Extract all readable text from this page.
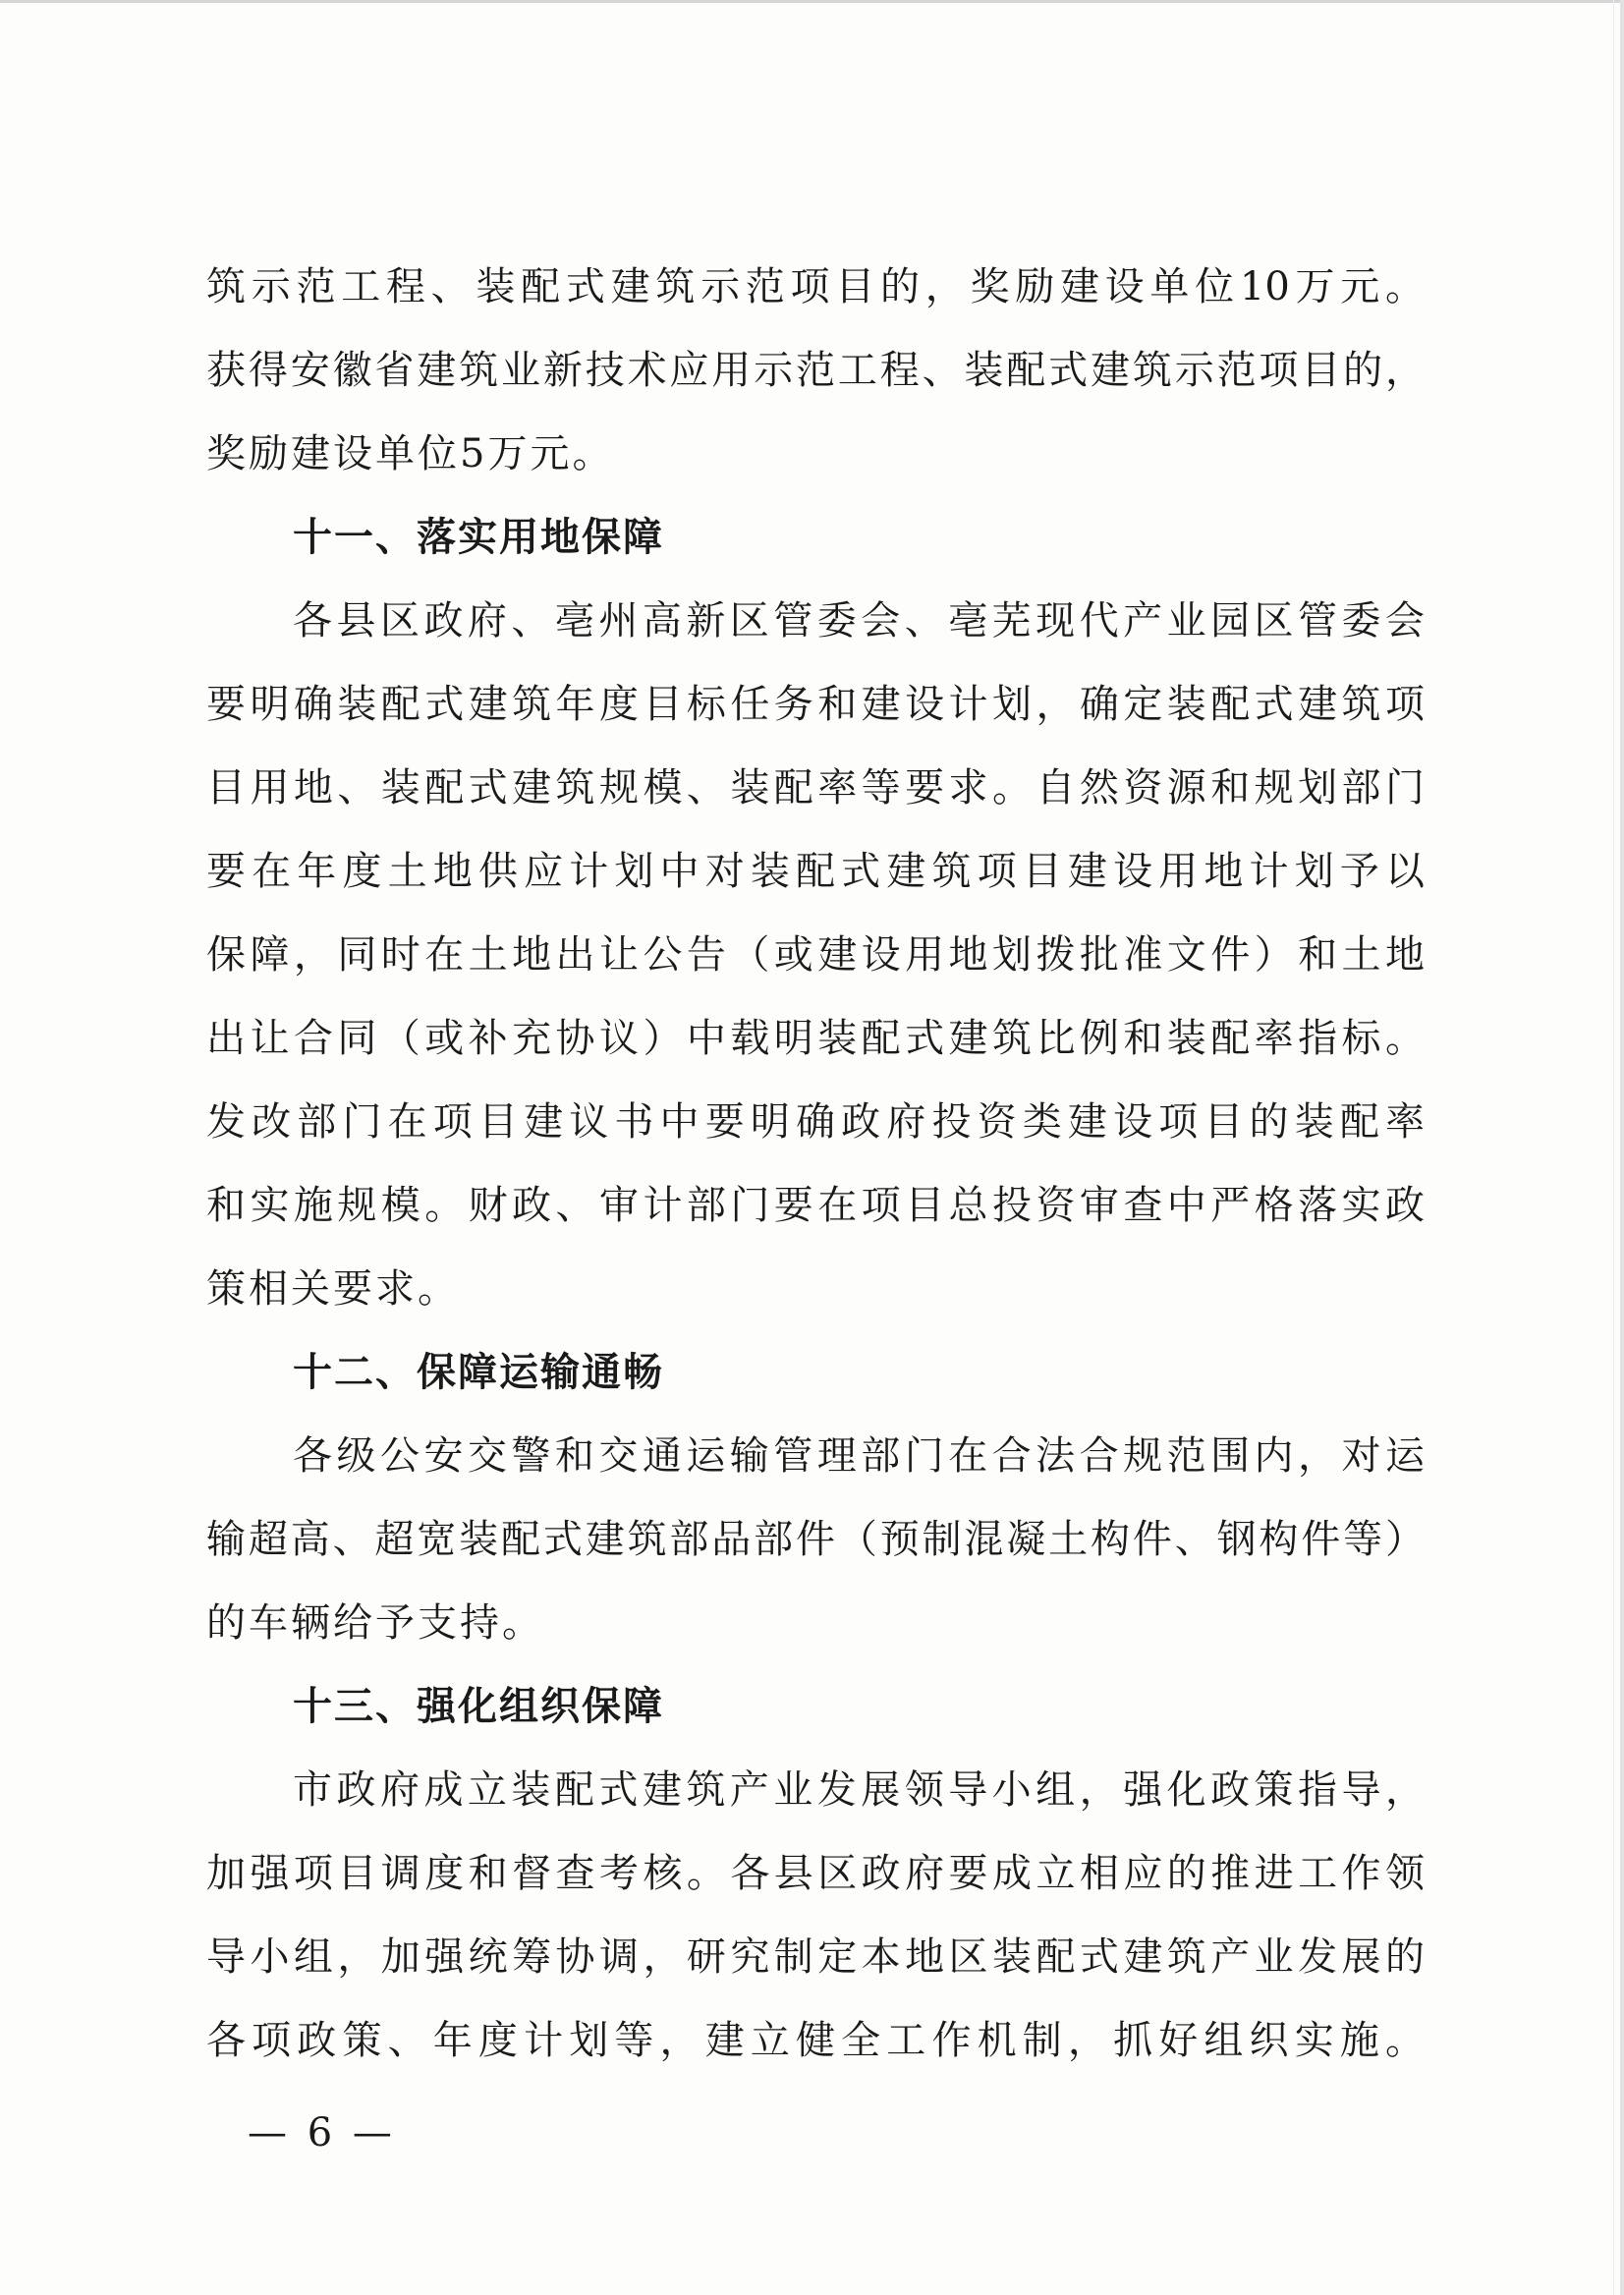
筑示范工程、装配式建筑示范项目的，奖励建设单位10万元。
获得安徽省建筑业新技术应用示范工程、装配式建筑示范项目的，
奖励建设单位5万元。
十一、落实用地保障
各县区政府、亳州高新区管委会、亳芜现代产业园区管委会
要明确装配式建筑年度目标任务和建设计划，确定装配式建筑项
目用地、装配式建筑规模、装配率等要求。自然资源和规划部门
要在年度土地供应计划中对装配式建筑项目建设用地计划予以
保障，同时在土地出让公告（或建设用地划拨批准文件）和土地
出让合同（或补充协议）中载明装配式建筑比例和装配率指标。
发改部门在项目建议书中要明确政府投资类建设项目的装配率
和实施规模。财政、审计部门要在项目总投资审查中严格落实政
策相关要求。
十二、保障运输通畅
各级公安交警和交通运输管理部门在合法合规范围内，对运
输超高、超宽装配式建筑部品部件（预制混凝土构件、钢构件等）
的车辆给予支持。
十三、强化组织保障
市政府成立装配式建筑产业发展领导小组，强化政策指导，
加强项目调度和督查考核。各县区政府要成立相应的推进工作领
导小组，加强统筹协调，研究制定本地区装配式建筑产业发展的
各项政策、年度计划等，建立健全工作机制，抓好组织实施。
— 6 —
